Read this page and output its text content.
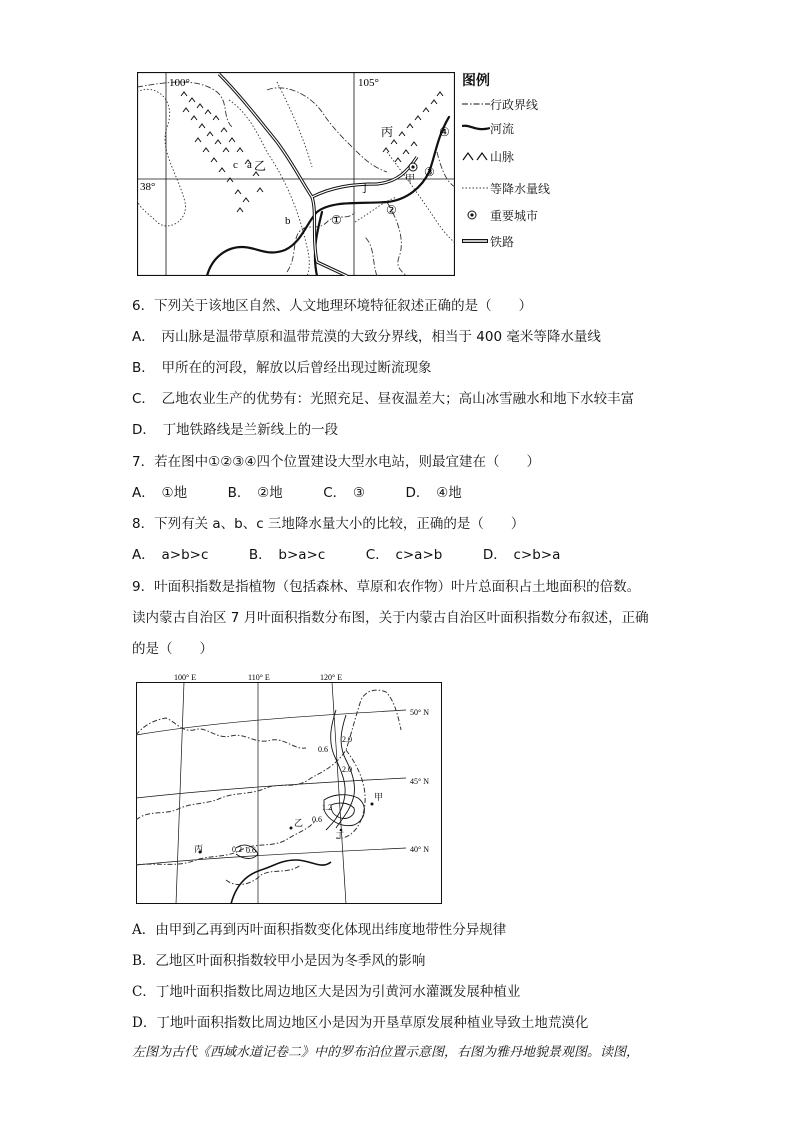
100°	105°
38°
丙
甲
乙
丁
a
b
c
①
②
③
④
图例
行政界线
河流
山脉
等降水量线
重要城市
铁路
6．下列关于该地区自然、人文地理环境特征叙述正确的是（　　）
A．　丙山脉是温带草原和温带荒漠的大致分界线，相当于 400 毫米等降水量线
B．　甲所在的河段，解放以后曾经出现过断流现象
C．　乙地农业生产的优势有：光照充足、昼夜温差大；高山冰雪融水和地下水较丰富
D．　丁地铁路线是兰新线上的一段
7．若在图中①②③④四个位置建设大型水电站，则最宜建在（　　）
A．　①地　　　B．　②地　　　C．　③　　　D．　④地
8．下列有关 a、b、c 三地降水量大小的比较，正确的是（　　）
A．　a>b>c　　　B．　b>a>c　　　C．　c>a>b　　　D．　c>b>a
9．叶面积指数是指植物（包括森林、草原和农作物）叶片总面积占土地面积的倍数。
读内蒙古自治区 7 月叶面积指数分布图，关于内蒙古自治区叶面积指数分布叙述，正确
的是（　　）
100° E	110° E	120° E
50° N
45° N
40° N
2.0
0.6
2.0
1.2
0.6
0.2 0.6
甲
乙
丙
丁
A．由甲到乙再到丙叶面积指数变化体现出纬度地带性分异规律
B．乙地区叶面积指数较甲小是因为冬季风的影响
C．丁地叶面积指数比周边地区大是因为引黄河水灌溉发展种植业
D．丁地叶面积指数比周边地区小是因为开垦草原发展种植业导致土地荒漠化
左图为古代《西域水道记卷二》中的罗布泊位置示意图，右图为雅丹地貌景观图。读图，
